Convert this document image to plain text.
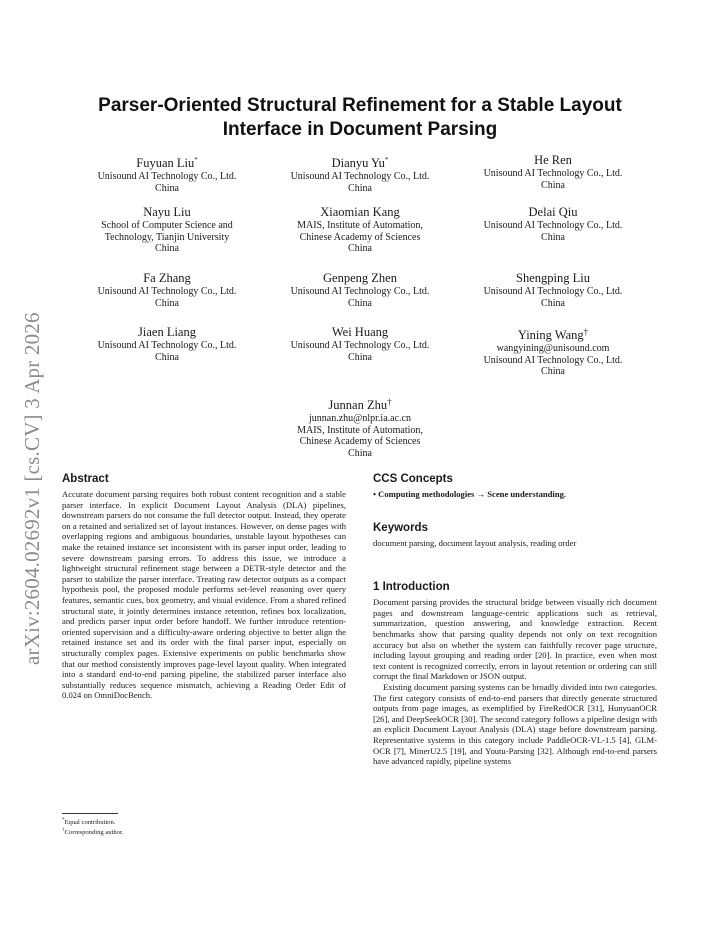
arXiv:2604.02692v1 [cs.CV] 3 Apr 2026
Parser-Oriented Structural Refinement for a Stable Layout Interface in Document Parsing
Fuyuan Liu*
Unisound AI Technology Co., Ltd.
China
Dianyu Yu*
Unisound AI Technology Co., Ltd.
China
He Ren
Unisound AI Technology Co., Ltd.
China
Nayu Liu
School of Computer Science and
Technology, Tianjin University
China
Xiaomian Kang
MAIS, Institute of Automation,
Chinese Academy of Sciences
China
Delai Qiu
Unisound AI Technology Co., Ltd.
China
Fa Zhang
Unisound AI Technology Co., Ltd.
China
Genpeng Zhen
Unisound AI Technology Co., Ltd.
China
Shengping Liu
Unisound AI Technology Co., Ltd.
China
Jiaen Liang
Unisound AI Technology Co., Ltd.
China
Wei Huang
Unisound AI Technology Co., Ltd.
China
Yining Wang†
wangyining@unisound.com
Unisound AI Technology Co., Ltd.
China
Junnan Zhu†
junnan.zhu@nlpr.ia.ac.cn
MAIS, Institute of Automation,
Chinese Academy of Sciences
China
Abstract

Accurate document parsing requires both robust content recognition and a stable parser interface. In explicit Document Layout Analysis (DLA) pipelines, downstream parsers do not consume the full detector output. Instead, they operate on a retained and serialized set of layout instances. However, on dense pages with overlapping regions and ambiguous boundaries, unstable layout hypotheses can make the retained instance set inconsistent with its parser input order, leading to severe downstream parsing errors. To address this issue, we introduce a lightweight structural refinement stage between a DETR-style detector and the parser to stabilize the parser interface. Treating raw detector outputs as a compact hypothesis pool, the proposed module performs set-level reasoning over query features, semantic cues, box geometry, and visual evidence. From a shared refined structural state, it jointly determines instance retention, refines box localization, and predicts parser input order before handoff. We further introduce retention-oriented supervision and a difficulty-aware ordering objective to better align the retained instance set and its order with the final parser input, especially on structurally complex pages. Extensive experiments on public benchmarks show that our method consistently improves page-level layout quality. When integrated into a standard end-to-end parsing pipeline, the stabilized parser interface also substantially reduces sequence mismatch, achieving a Reading Order Edit of 0.024 on OmniDocBench.

*Equal contribution.
†Corresponding author.
CCS Concepts

• Computing methodologies → Scene understanding.

Keywords

document parsing, document layout analysis, reading order

1 Introduction

Document parsing provides the structural bridge between visually rich document pages and downstream language-centric applications such as retrieval, summarization, question answering, and knowledge extraction. Recent benchmarks show that parsing quality depends not only on text recognition accuracy but also on whether the system can faithfully recover page structure, including layout grouping and reading order [20]. In practice, even when most text content is recognized correctly, errors in layout retention or ordering can still corrupt the final Markdown or JSON output.

Existing document parsing systems can be broadly divided into two categories. The first category consists of end-to-end parsers that directly generate structured outputs from page images, as exemplified by FireRedOCR [31], HunyuanOCR [26], and DeepSeekOCR [30]. The second category follows a pipeline design with an explicit Document Layout Analysis (DLA) stage before downstream parsing. Representative systems in this category include PaddleOCR-VL-1.5 [4], GLM-OCR [7], MinerU2.5 [19], and Youtu-Parsing [32]. Although end-to-end parsers have advanced rapidly, pipeline systems
